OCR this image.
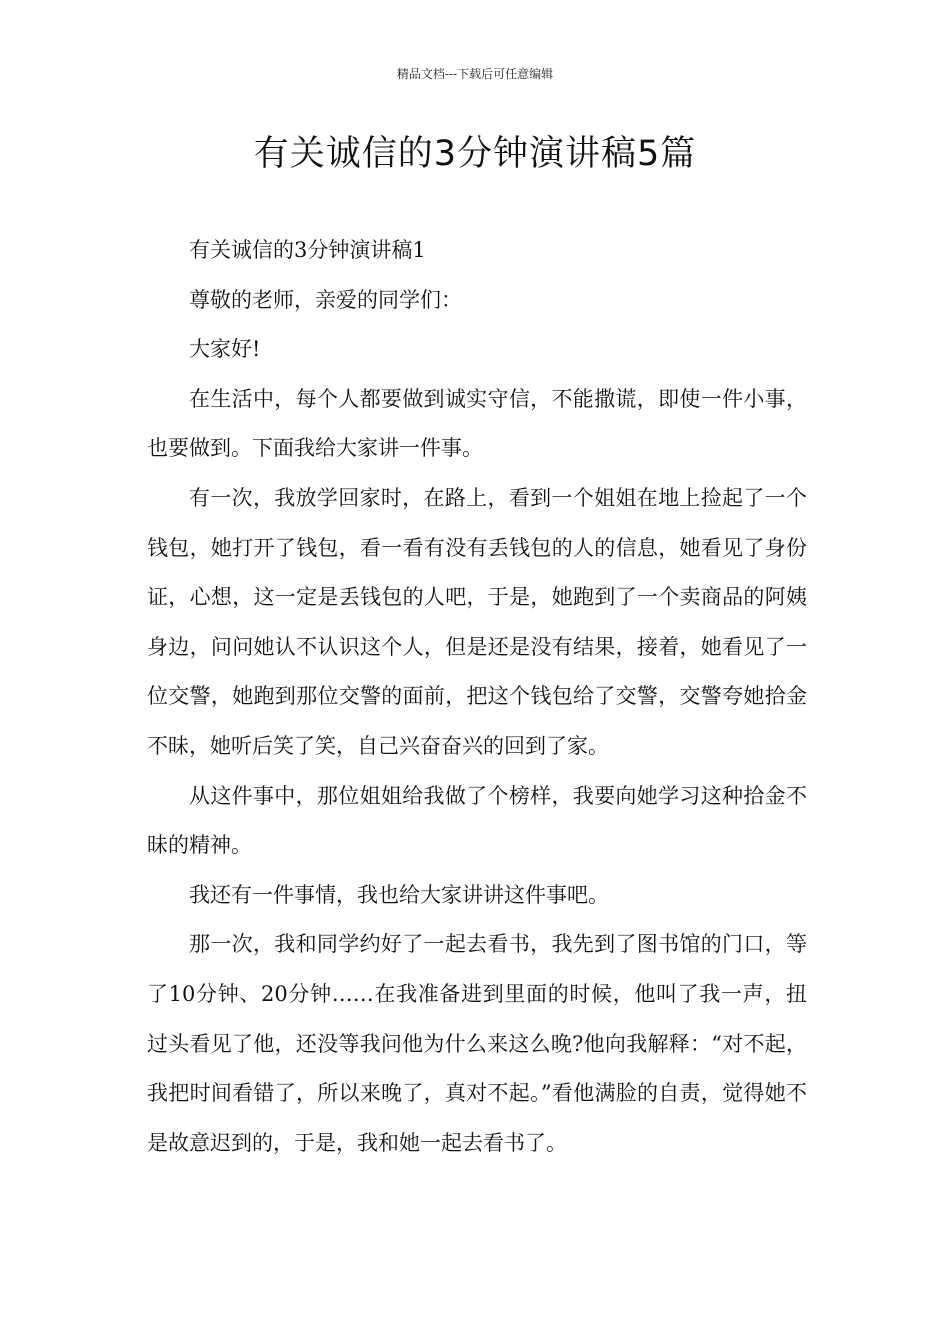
精品文档---下载后可任意编辑
有关诚信的3分钟演讲稿5篇

有关诚信的3分钟演讲稿1

尊敬的老师，亲爱的同学们：

大家好!

在生活中，每个人都要做到诚实守信，不能撒谎，即使一件小事，也要做到。下面我给大家讲一件事。

有一次，我放学回家时，在路上，看到一个姐姐在地上捡起了一个钱包，她打开了钱包，看一看有没有丢钱包的人的信息，她看见了身份证，心想，这一定是丢钱包的人吧，于是，她跑到了一个卖商品的阿姨身边，问问她认不认识这个人，但是还是没有结果，接着，她看见了一位交警，她跑到那位交警的面前，把这个钱包给了交警，交警夸她拾金不昧，她听后笑了笑，自己兴奋奋兴的回到了家。

从这件事中，那位姐姐给我做了个榜样，我要向她学习这种拾金不昧的精神。

我还有一件事情，我也给大家讲讲这件事吧。

那一次，我和同学约好了一起去看书，我先到了图书馆的门口，等了10分钟、20分钟……在我准备进到里面的时候，他叫了我一声，扭过头看见了他，还没等我问他为什么来这么晚?他向我解释：“对不起，我把时间看错了，所以来晚了，真对不起。”看他满脸的自责，觉得她不是故意迟到的，于是，我和她一起去看书了。
